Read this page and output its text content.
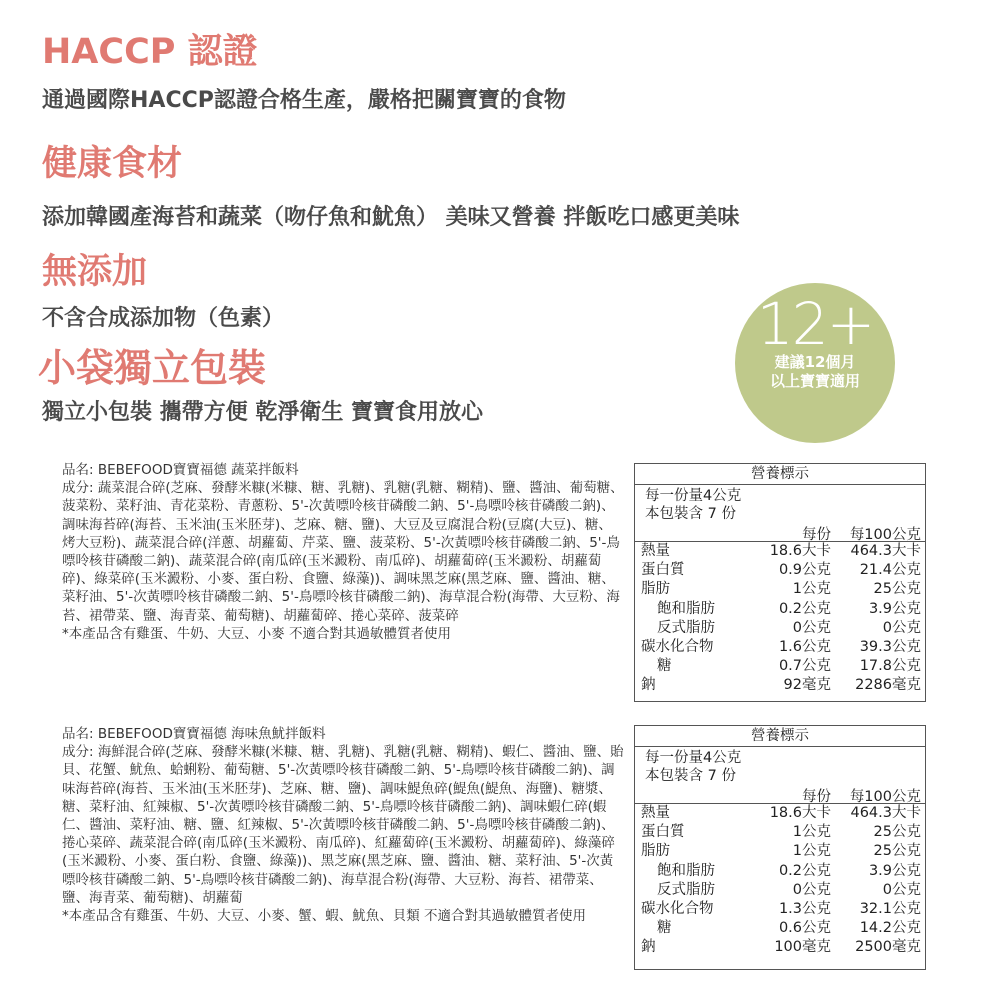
HACCP 認證
通過國際HACCP認證合格生產，嚴格把關寶寶的食物
健康食材
添加韓國產海苔和蔬菜（吻仔魚和魷魚） 美味又營養 拌飯吃口感更美味
無添加
不含合成添加物（色素）
小袋獨立包裝
獨立小包裝 攜帶方便 乾淨衛生 寶寶食用放心
12+
建議12個月
以上寶寶適用

品名: BEBEFOOD寶寶福德 蔬菜拌飯料

成分: 蔬菜混合碎(芝麻、發酵米糠(米糠、糖、乳糖)、乳糖(乳糖、糊精)、鹽、醬油、葡萄糖、菠菜粉、菜籽油、青花菜粉、青蔥粉、5'-次黃嘌呤核苷磷酸二鈉、5'-鳥嘌呤核苷磷酸二鈉)、調味海苔碎(海苔、玉米油(玉米胚芽)、芝麻、糖、鹽)、大豆及豆腐混合粉(豆腐(大豆)、糖、烤大豆粉)、蔬菜混合碎(洋蔥、胡蘿蔔、芹菜、鹽、菠菜粉、5'-次黃嘌呤核苷磷酸二鈉、5'-鳥嘌呤核苷磷酸二鈉)、蔬菜混合碎(南瓜碎(玉米澱粉、南瓜碎)、胡蘿蔔碎(玉米澱粉、胡蘿蔔碎)、綠菜碎(玉米澱粉、小麥、蛋白粉、食鹽、綠藻))、調味黑芝麻(黑芝麻、鹽、醬油、糖、菜籽油、5'-次黃嘌呤核苷磷酸二鈉、5'-鳥嘌呤核苷磷酸二鈉)、海草混合粉(海帶、大豆粉、海苔、裙帶菜、鹽、海青菜、葡萄糖)、胡蘿蔔碎、捲心菜碎、菠菜碎

*本產品含有雞蛋、牛奶、大豆、小麥 不適合對其過敏體質者使用

營養標示
每一份量4公克
本包裝含 7 份
每份 每100公克
熱量	18.6大卡 464.3大卡
蛋白質	0.9公克 21.4公克
脂肪	1公克	25公克
飽和脂肪	0.2公克	3.9公克
反式脂肪	0公克	0公克
碳水化合物	1.6公克 39.3公克
糖	0.7公克 17.8公克
鈉	92毫克 2286毫克

品名: BEBEFOOD寶寶福德 海味魚魷拌飯料

成分: 海鮮混合碎(芝麻、發酵米糠(米糠、糖、乳糖)、乳糖(乳糖、糊精)、蝦仁、醬油、鹽、貽貝、花蟹、魷魚、蛤蜊粉、葡萄糖、5'-次黃嘌呤核苷磷酸二鈉、5'-鳥嘌呤核苷磷酸二鈉)、調味海苔碎(海苔、玉米油(玉米胚芽)、芝麻、糖、鹽)、調味鯷魚碎(鯷魚(鯷魚、海鹽)、糖漿、糖、菜籽油、紅辣椒、5'-次黃嘌呤核苷磷酸二鈉、5'-鳥嘌呤核苷磷酸二鈉)、調味蝦仁碎(蝦仁、醬油、菜籽油、糖、鹽、紅辣椒、5'-次黃嘌呤核苷磷酸二鈉、5'-鳥嘌呤核苷磷酸二鈉)、捲心菜碎、蔬菜混合碎(南瓜碎(玉米澱粉、南瓜碎)、紅蘿蔔碎(玉米澱粉、胡蘿蔔碎)、綠藻碎(玉米澱粉、小麥、蛋白粉、食鹽、綠藻))、黑芝麻(黑芝麻、鹽、醬油、糖、菜籽油、5'-次黃嘌呤核苷磷酸二鈉、5'-鳥嘌呤核苷磷酸二鈉)、海草混合粉(海帶、大豆粉、海苔、裙帶菜、鹽、海青菜、葡萄糖)、胡蘿蔔

*本產品含有雞蛋、牛奶、大豆、小麥、蟹、蝦、魷魚、貝類 不適合對其過敏體質者使用

營養標示
每一份量4公克
本包裝含 7 份
每份 每100公克
熱量	18.6大卡 464.3大卡
蛋白質	1公克	25公克
脂肪	1公克	25公克
飽和脂肪	0.2公克	3.9公克
反式脂肪	0公克	0公克
碳水化合物	1.3公克 32.1公克
糖	0.6公克 14.2公克
鈉	100毫克 2500毫克
